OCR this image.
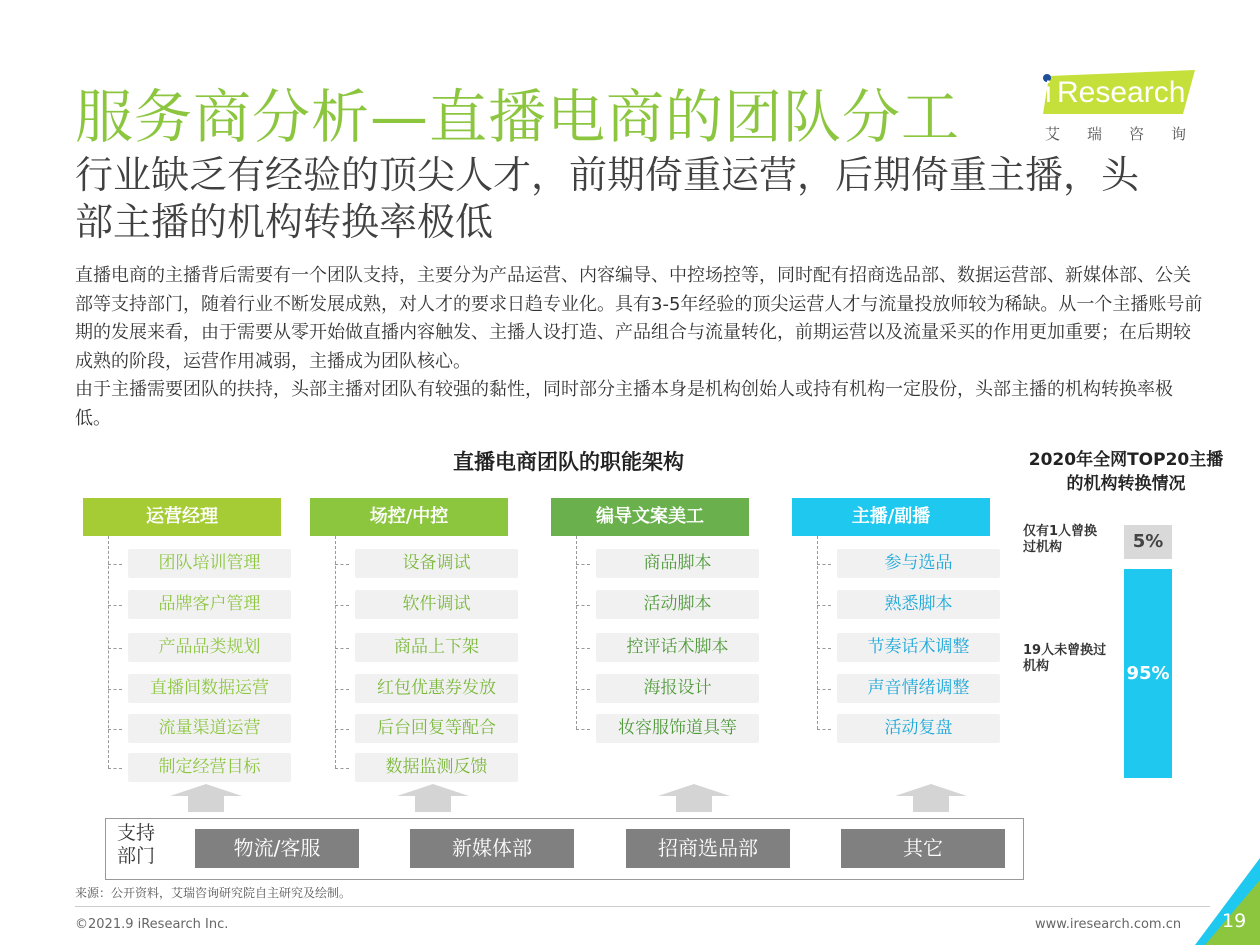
服务商分析—直播电商的团队分工
行业缺乏有经验的顶尖人才，前期倚重运营，后期倚重主播，头部主播的机构转换率极低
i Research
艾瑞咨询
直播电商的主播背后需要有一个团队支持，主要分为产品运营、内容编导、中控场控等，同时配有招商选品部、数据运营部、新媒体部、公关部等支持部门，随着行业不断发展成熟，对人才的要求日趋专业化。具有3-5年经验的顶尖运营人才与流量投放师较为稀缺。从一个主播账号前期的发展来看，由于需要从零开始做直播内容触发、主播人设打造、产品组合与流量转化，前期运营以及流量采买的作用更加重要；在后期较成熟的阶段，运营作用减弱，主播成为团队核心。
由于主播需要团队的扶持，头部主播对团队有较强的黏性，同时部分主播本身是机构创始人或持有机构一定股份，头部主播的机构转换率极低。
直播电商团队的职能架构
运营经理
团队培训管理
品牌客户管理
产品品类规划
直播间数据运营
流量渠道运营
制定经营目标
场控/中控
设备调试
软件调试
商品上下架
红包优惠券发放
后台回复等配合
数据监测反馈
编导文案美工
商品脚本
活动脚本
控评话术脚本
海报设计
妆容服饰道具等
主播/副播
参与选品
熟悉脚本
节奏话术调整
声音情绪调整
活动复盘
支持部门	物流/客服	新媒体部	招商选品部	其它
2020年全网TOP20主播的机构转换情况
5%
仅有1人曾换过机构
95%
19人未曾换过机构
来源：公开资料，艾瑞咨询研究院自主研究及绘制。
©2021.9 iResearch Inc.	www.iresearch.com.cn 19
